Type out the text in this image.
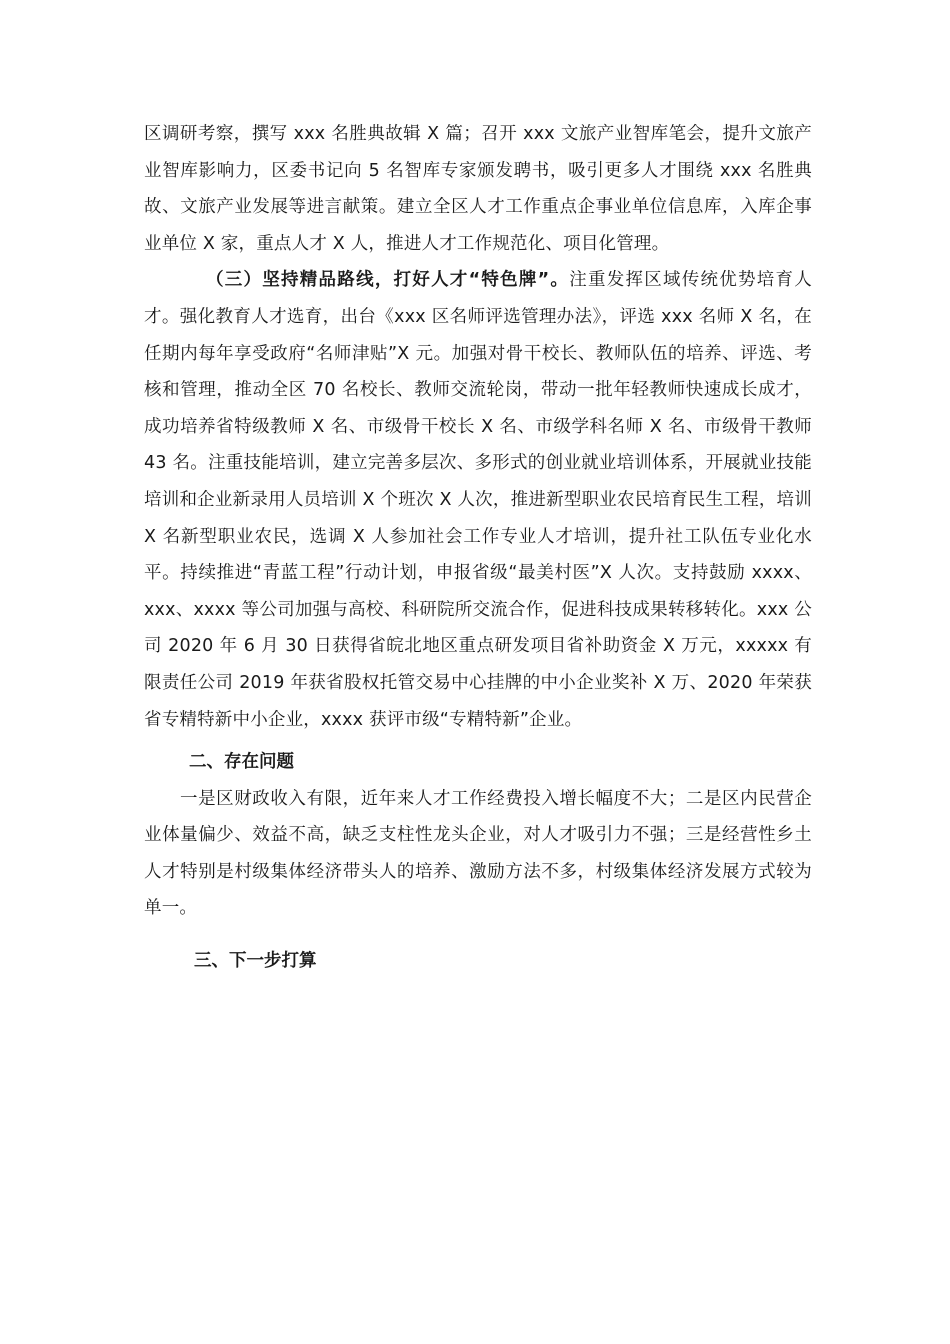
区调研考察，撰写 xxx 名胜典故辑 X 篇；召开 xxx 文旅产业智库笔会，提升文旅产业智库影响力，区委书记向 5 名智库专家颁发聘书，吸引更多人才围绕 xxx 名胜典故、文旅产业发展等进言献策。建立全区人才工作重点企事业单位信息库，入库企事业单位 X 家，重点人才 X 人，推进人才工作规范化、项目化管理。

（三）坚持精品路线，打好人才“特色牌”。注重发挥区域传统优势培育人才。强化教育人才选育，出台《xxx 区名师评选管理办法》，评选 xxx 名师 X 名，在任期内每年享受政府“名师津贴”X 元。加强对骨干校长、教师队伍的培养、评选、考核和管理，推动全区 70 名校长、教师交流轮岗，带动一批年轻教师快速成长成才，成功培养省特级教师 X 名、市级骨干校长 X 名、市级学科名师 X 名、市级骨干教师 43 名。注重技能培训，建立完善多层次、多形式的创业就业培训体系，开展就业技能培训和企业新录用人员培训 X 个班次 X 人次，推进新型职业农民培育民生工程，培训 X 名新型职业农民，选调 X 人参加社会工作专业人才培训，提升社工队伍专业化水平。持续推进“青蓝工程”行动计划，申报省级“最美村医”X 人次。支持鼓励 xxxx、xxx、xxxx 等公司加强与高校、科研院所交流合作，促进科技成果转移转化。xxx 公司 2020 年 6 月 30 日获得省皖北地区重点研发项目省补助资金 X 万元，xxxxx 有限责任公司 2019 年获省股权托管交易中心挂牌的中小企业奖补 X 万、2020 年荣获省专精特新中小企业，xxxx 获评市级“专精特新”企业。

二、存在问题

一是区财政收入有限，近年来人才工作经费投入增长幅度不大；二是区内民营企业体量偏少、效益不高，缺乏支柱性龙头企业，对人才吸引力不强；三是经营性乡土人才特别是村级集体经济带头人的培养、激励方法不多，村级集体经济发展方式较为单一。

三、下一步打算
